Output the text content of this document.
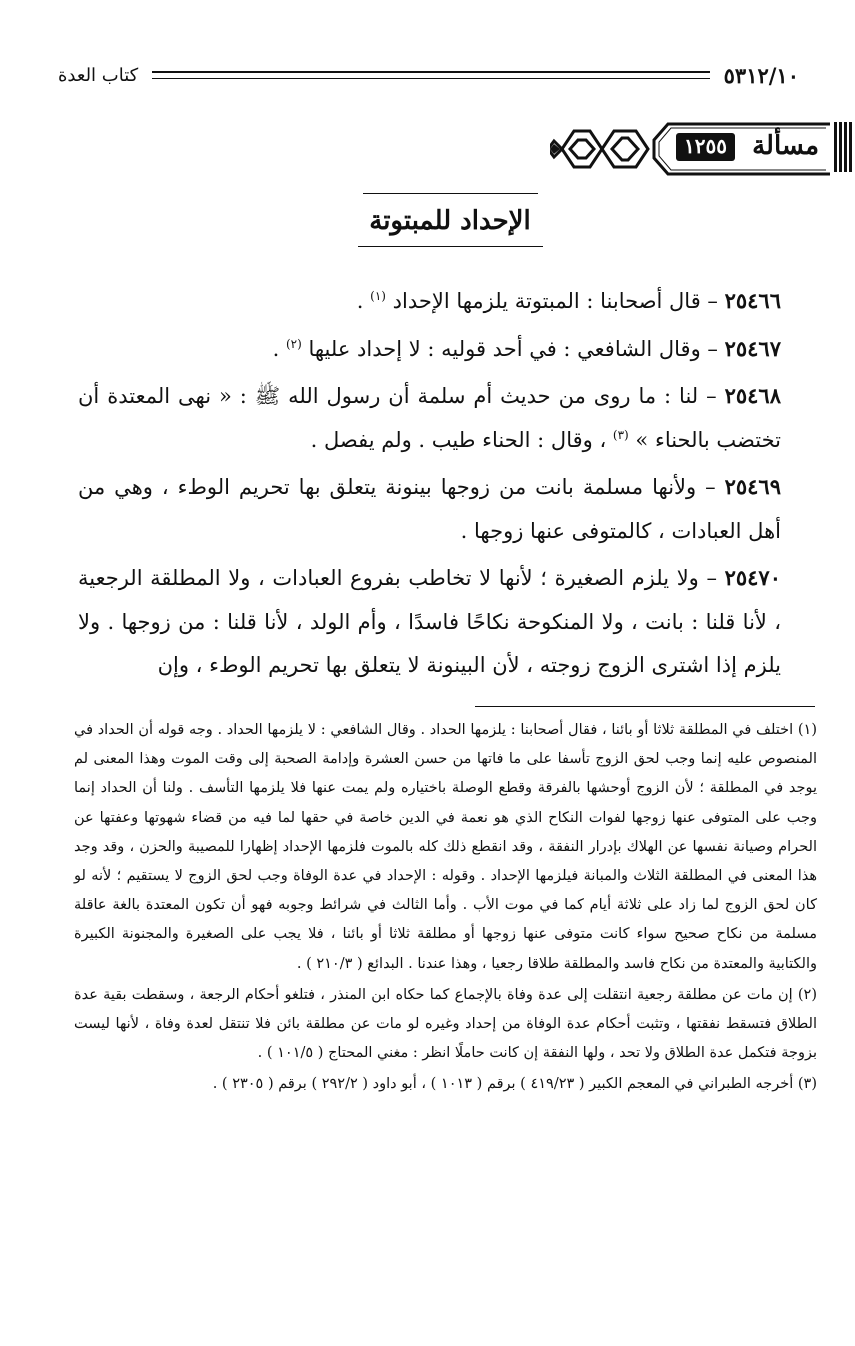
٥٣١٢/١٠
كتاب العدة
مسألة
١٢٥٥
الإحداد للمبتوتة

٢٥٤٦٦ – قال أصحابنا : المبتوتة يلزمها الإحداد $^{(١)}$ .

٢٥٤٦٧ – وقال الشافعي : في أحد قوليه : لا إحداد عليها $^{(٢)}$ .

٢٥٤٦٨ – لنا : ما روى من حديث أم سلمة أن رسول الله ﷺ : « نهى المعتدة أن تختضب بالحناء » $^{(٣)}$ ، وقال : الحناء طيب . ولم يفصل .

٢٥٤٦٩ – ولأنها مسلمة بانت من زوجها بينونة يتعلق بها تحريم الوطء ، وهي من أهل العبادات ، كالمتوفى عنها زوجها .

٢٥٤٧٠ – ولا يلزم الصغيرة ؛ لأنها لا تخاطب بفروع العبادات ، ولا المطلقة الرجعية ، لأنا قلنا : بانت ، ولا المنكوحة نكاحًا فاسدًا ، وأم الولد ، لأنا قلنا : من زوجها . ولا يلزم إذا اشترى الزوج زوجته ، لأن البينونة لا يتعلق بها تحريم الوطء ، وإن

(١) اختلف في المطلقة ثلاثا أو بائنا ، فقال أصحابنا : يلزمها الحداد . وقال الشافعي : لا يلزمها الحداد . وجه قوله أن الحداد في المنصوص عليه إنما وجب لحق الزوج تأسفا على ما فاتها من حسن العشرة وإدامة الصحبة إلى وقت الموت وهذا المعنى لم يوجد في المطلقة ؛ لأن الزوج أوحشها بالفرقة وقطع الوصلة باختياره ولم يمت عنها فلا يلزمها التأسف . ولنا أن الحداد إنما وجب على المتوفى عنها زوجها لفوات النكاح الذي هو نعمة في الدين خاصة في حقها لما فيه من قضاء شهوتها وعفتها عن الحرام وصيانة نفسها عن الهلاك بإدرار النفقة ، وقد انقطع ذلك كله بالموت فلزمها الإحداد إظهارا للمصيبة والحزن ، وقد وجد هذا المعنى في المطلقة الثلاث والمبانة فيلزمها الإحداد . وقوله : الإحداد في عدة الوفاة وجب لحق الزوج لا يستقيم ؛ لأنه لو كان لحق الزوج لما زاد على ثلاثة أيام كما في موت الأب . وأما الثالث في شرائط وجوبه فهو أن تكون المعتدة بالغة عاقلة مسلمة من نكاح صحيح سواء كانت متوفى عنها زوجها أو مطلقة ثلاثا أو بائنا ، فلا يجب على الصغيرة والمجنونة الكبيرة والكتابية والمعتدة من نكاح فاسد والمطلقة طلاقا رجعيا ، وهذا عندنا . البدائع ( ٢١٠/٣ ) .

(٢) إن مات عن مطلقة رجعية انتقلت إلى عدة وفاة بالإجماع كما حكاه ابن المنذر ، فتلغو أحكام الرجعة ، وسقطت بقية عدة الطلاق فتسقط نفقتها ، وتثبت أحكام عدة الوفاة من إحداد وغيره لو مات عن مطلقة بائن فلا تنتقل لعدة وفاة ، لأنها ليست بزوجة فتكمل عدة الطلاق ولا تحد ، ولها النفقة إن كانت حاملًا انظر : مغني المحتاج ( ١٠١/٥ ) .

(٣) أخرجه الطبراني في المعجم الكبير ( ٤١٩/٢٣ ) برقم ( ١٠١٣ ) ، أبو داود ( ٢٩٢/٢ ) برقم ( ٢٣٠٥ ) .
